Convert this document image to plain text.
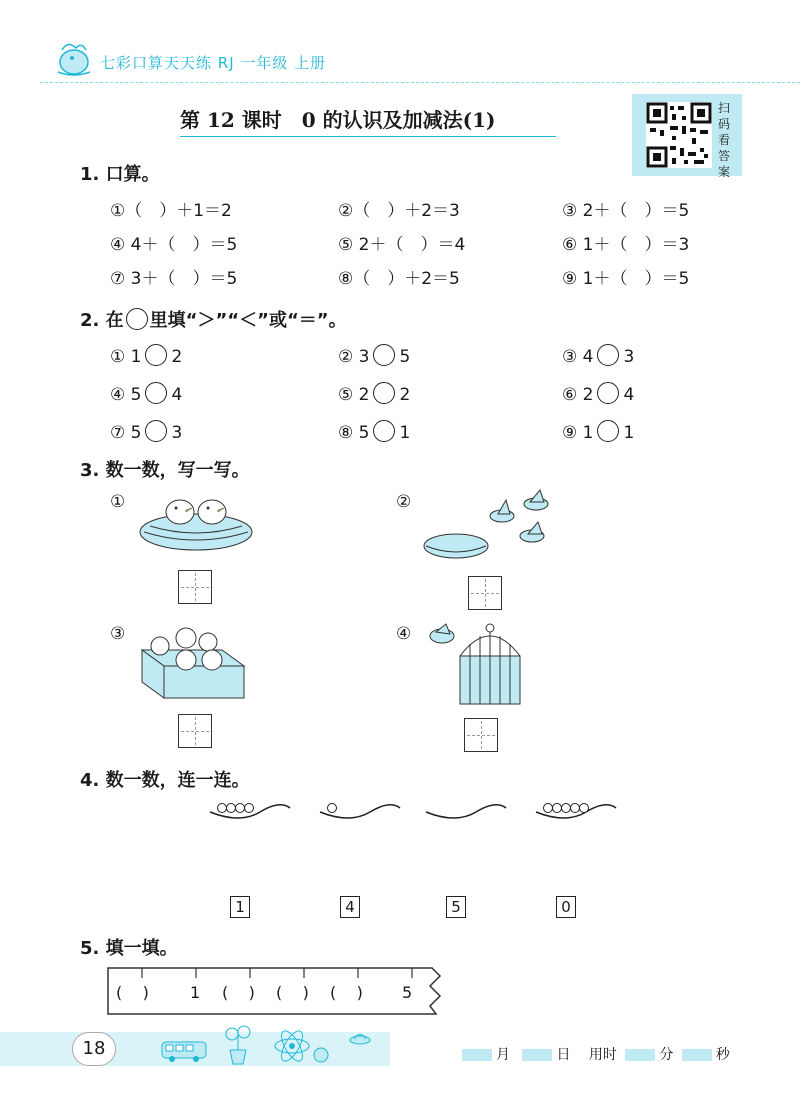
七彩口算天天练 RJ 一年级 上册
第 12 课时　0 的认识及加减法(1)	扫码看答案
1. 口算。
①（　）＋1＝2	②（　）＋2＝3	③ 2＋（　）＝5
④ 4＋（　）＝5	⑤ 2＋（　）＝4	⑥ 1＋（　）＝3
⑦ 3＋（　）＝5	⑧（　）＋2＝5	⑨ 1＋（　）＝5
2. 在 里填“＞”“＜”或“＝”。
① 1 2	② 3 5	③ 4 3
④ 5 4	⑤ 2 2	⑥ 2 4
⑦ 5 3	⑧ 5 1	⑨ 1 1
3. 数一数，写一写。
①	②
③	④
4. 数一数，连一连。
1	4	5	0
5. 填一填。
(    )	1 (    ) (    ) (    ) 5
18	月	日 用时	分	秒
